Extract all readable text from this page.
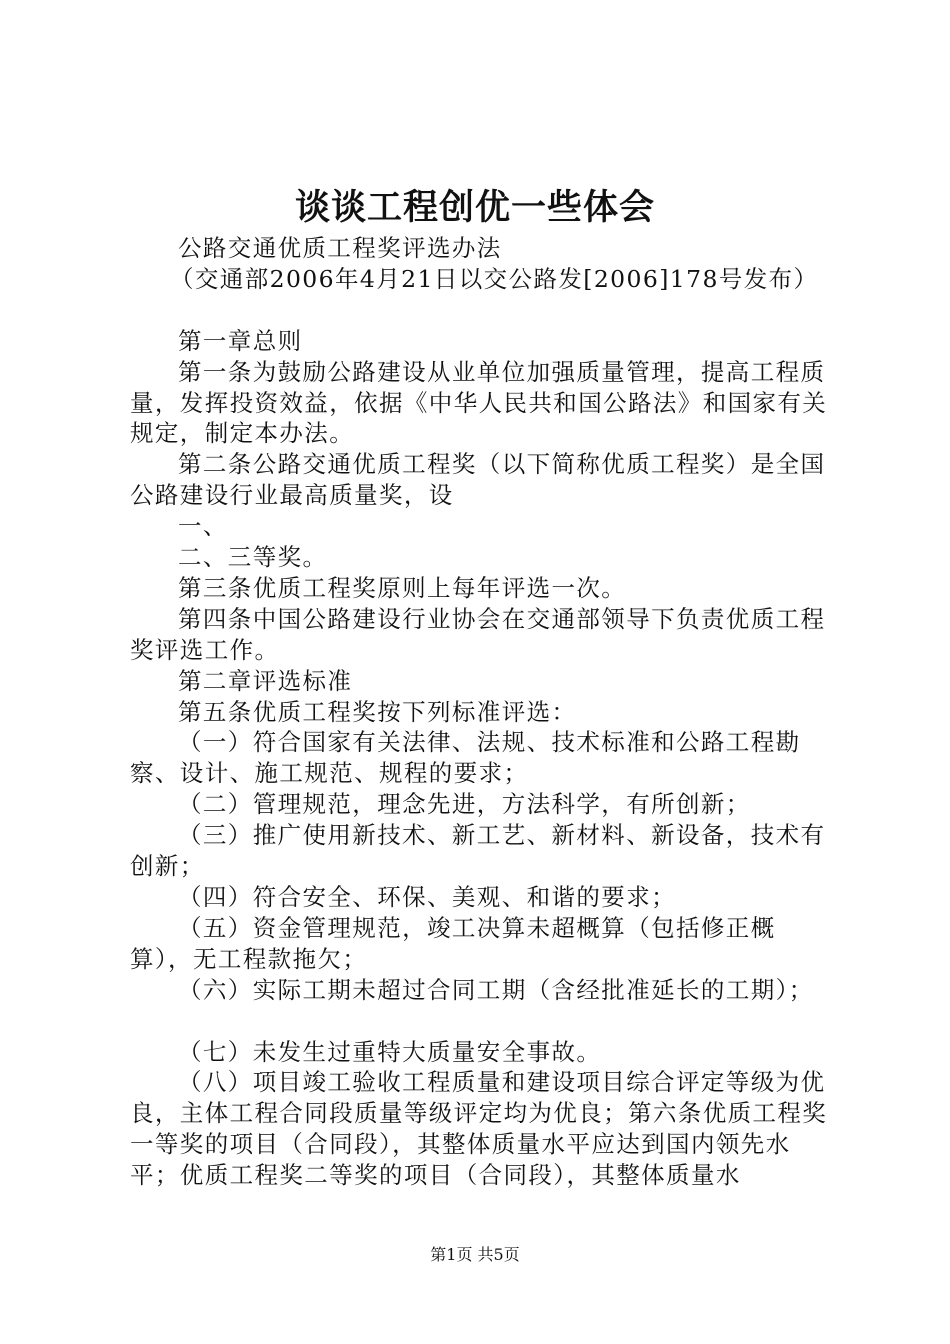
谈谈工程创优一些体会

公路交通优质工程奖评选办法

（交通部2006年4月21日以交公路发[2006]178号发布）

第一章总则

第一条为鼓励公路建设从业单位加强质量管理，提高工程质量，发挥投资效益，依据《中华人民共和国公路法》和国家有关规定，制定本办法。

第二条公路交通优质工程奖（以下简称优质工程奖）是全国公路建设行业最高质量奖，设

一、

二、三等奖。

第三条优质工程奖原则上每年评选一次。

第四条中国公路建设行业协会在交通部领导下负责优质工程奖评选工作。

第二章评选标准

第五条优质工程奖按下列标准评选：

（一）符合国家有关法律、法规、技术标准和公路工程勘察、设计、施工规范、规程的要求；

（二）管理规范，理念先进，方法科学，有所创新；

（三）推广使用新技术、新工艺、新材料、新设备，技术有创新；

（四）符合安全、环保、美观、和谐的要求；

（五）资金管理规范，竣工决算未超概算（包括修正概算），无工程款拖欠；

（六）实际工期未超过合同工期（含经批准延长的工期）；

（七）未发生过重特大质量安全事故。

（八）项目竣工验收工程质量和建设项目综合评定等级为优良，主体工程合同段质量等级评定均为优良；第六条优质工程奖一等奖的项目（合同段），其整体质量水平应达到国内领先水平；优质工程奖二等奖的项目（合同段），其整体质量水

第1页 共5页
